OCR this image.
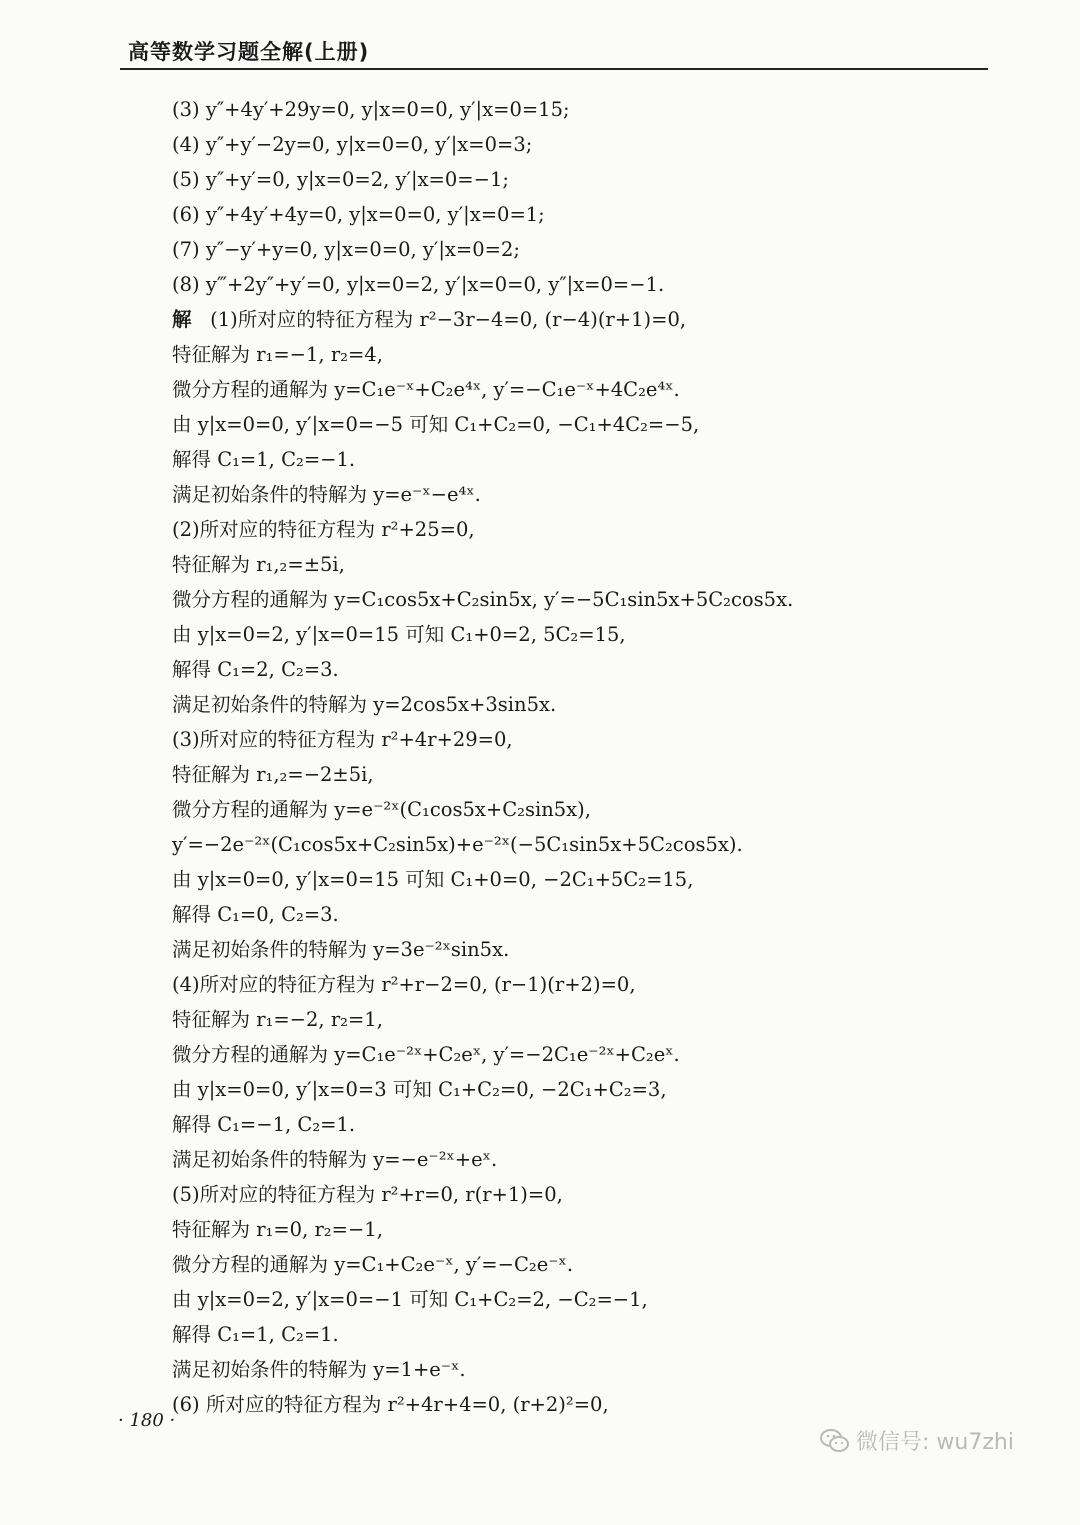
高等数学习题全解(上册)
(3) y″+4y′+29y=0, y|x=0=0, y′|x=0=15;
(4) y″+y′−2y=0, y|x=0=0, y′|x=0=3;
(5) y″+y′=0, y|x=0=2, y′|x=0=−1;
(6) y″+4y′+4y=0, y|x=0=0, y′|x=0=1;
(7) y″−y′+y=0, y|x=0=0, y′|x=0=2;
(8) y‴+2y″+y′=0, y|x=0=2, y′|x=0=0, y″|x=0=−1.
解 (1)所对应的特征方程为 r²−3r−4=0, (r−4)(r+1)=0,
特征解为 r₁=−1, r₂=4,
微分方程的通解为 y=C₁e⁻ˣ+C₂e⁴ˣ, y′=−C₁e⁻ˣ+4C₂e⁴ˣ.
由 y|x=0=0, y′|x=0=−5 可知 C₁+C₂=0, −C₁+4C₂=−5,
解得 C₁=1, C₂=−1.
满足初始条件的特解为 y=e⁻ˣ−e⁴ˣ.
(2)所对应的特征方程为 r²+25=0,
特征解为 r₁,₂=±5i,
微分方程的通解为 y=C₁cos5x+C₂sin5x, y′=−5C₁sin5x+5C₂cos5x.
由 y|x=0=2, y′|x=0=15 可知 C₁+0=2, 5C₂=15,
解得 C₁=2, C₂=3.
满足初始条件的特解为 y=2cos5x+3sin5x.
(3)所对应的特征方程为 r²+4r+29=0,
特征解为 r₁,₂=−2±5i,
微分方程的通解为 y=e⁻²ˣ(C₁cos5x+C₂sin5x),
y′=−2e⁻²ˣ(C₁cos5x+C₂sin5x)+e⁻²ˣ(−5C₁sin5x+5C₂cos5x).
由 y|x=0=0, y′|x=0=15 可知 C₁+0=0, −2C₁+5C₂=15,
解得 C₁=0, C₂=3.
满足初始条件的特解为 y=3e⁻²ˣsin5x.
(4)所对应的特征方程为 r²+r−2=0, (r−1)(r+2)=0,
特征解为 r₁=−2, r₂=1,
微分方程的通解为 y=C₁e⁻²ˣ+C₂eˣ, y′=−2C₁e⁻²ˣ+C₂eˣ.
由 y|x=0=0, y′|x=0=3 可知 C₁+C₂=0, −2C₁+C₂=3,
解得 C₁=−1, C₂=1.
满足初始条件的特解为 y=−e⁻²ˣ+eˣ.
(5)所对应的特征方程为 r²+r=0, r(r+1)=0,
特征解为 r₁=0, r₂=−1,
微分方程的通解为 y=C₁+C₂e⁻ˣ, y′=−C₂e⁻ˣ.
由 y|x=0=2, y′|x=0=−1 可知 C₁+C₂=2, −C₂=−1,
解得 C₁=1, C₂=1.
满足初始条件的特解为 y=1+e⁻ˣ.
(6) 所对应的特征方程为 r²+4r+4=0, (r+2)²=0,
· 180 ·
微信号: wu7zhi
